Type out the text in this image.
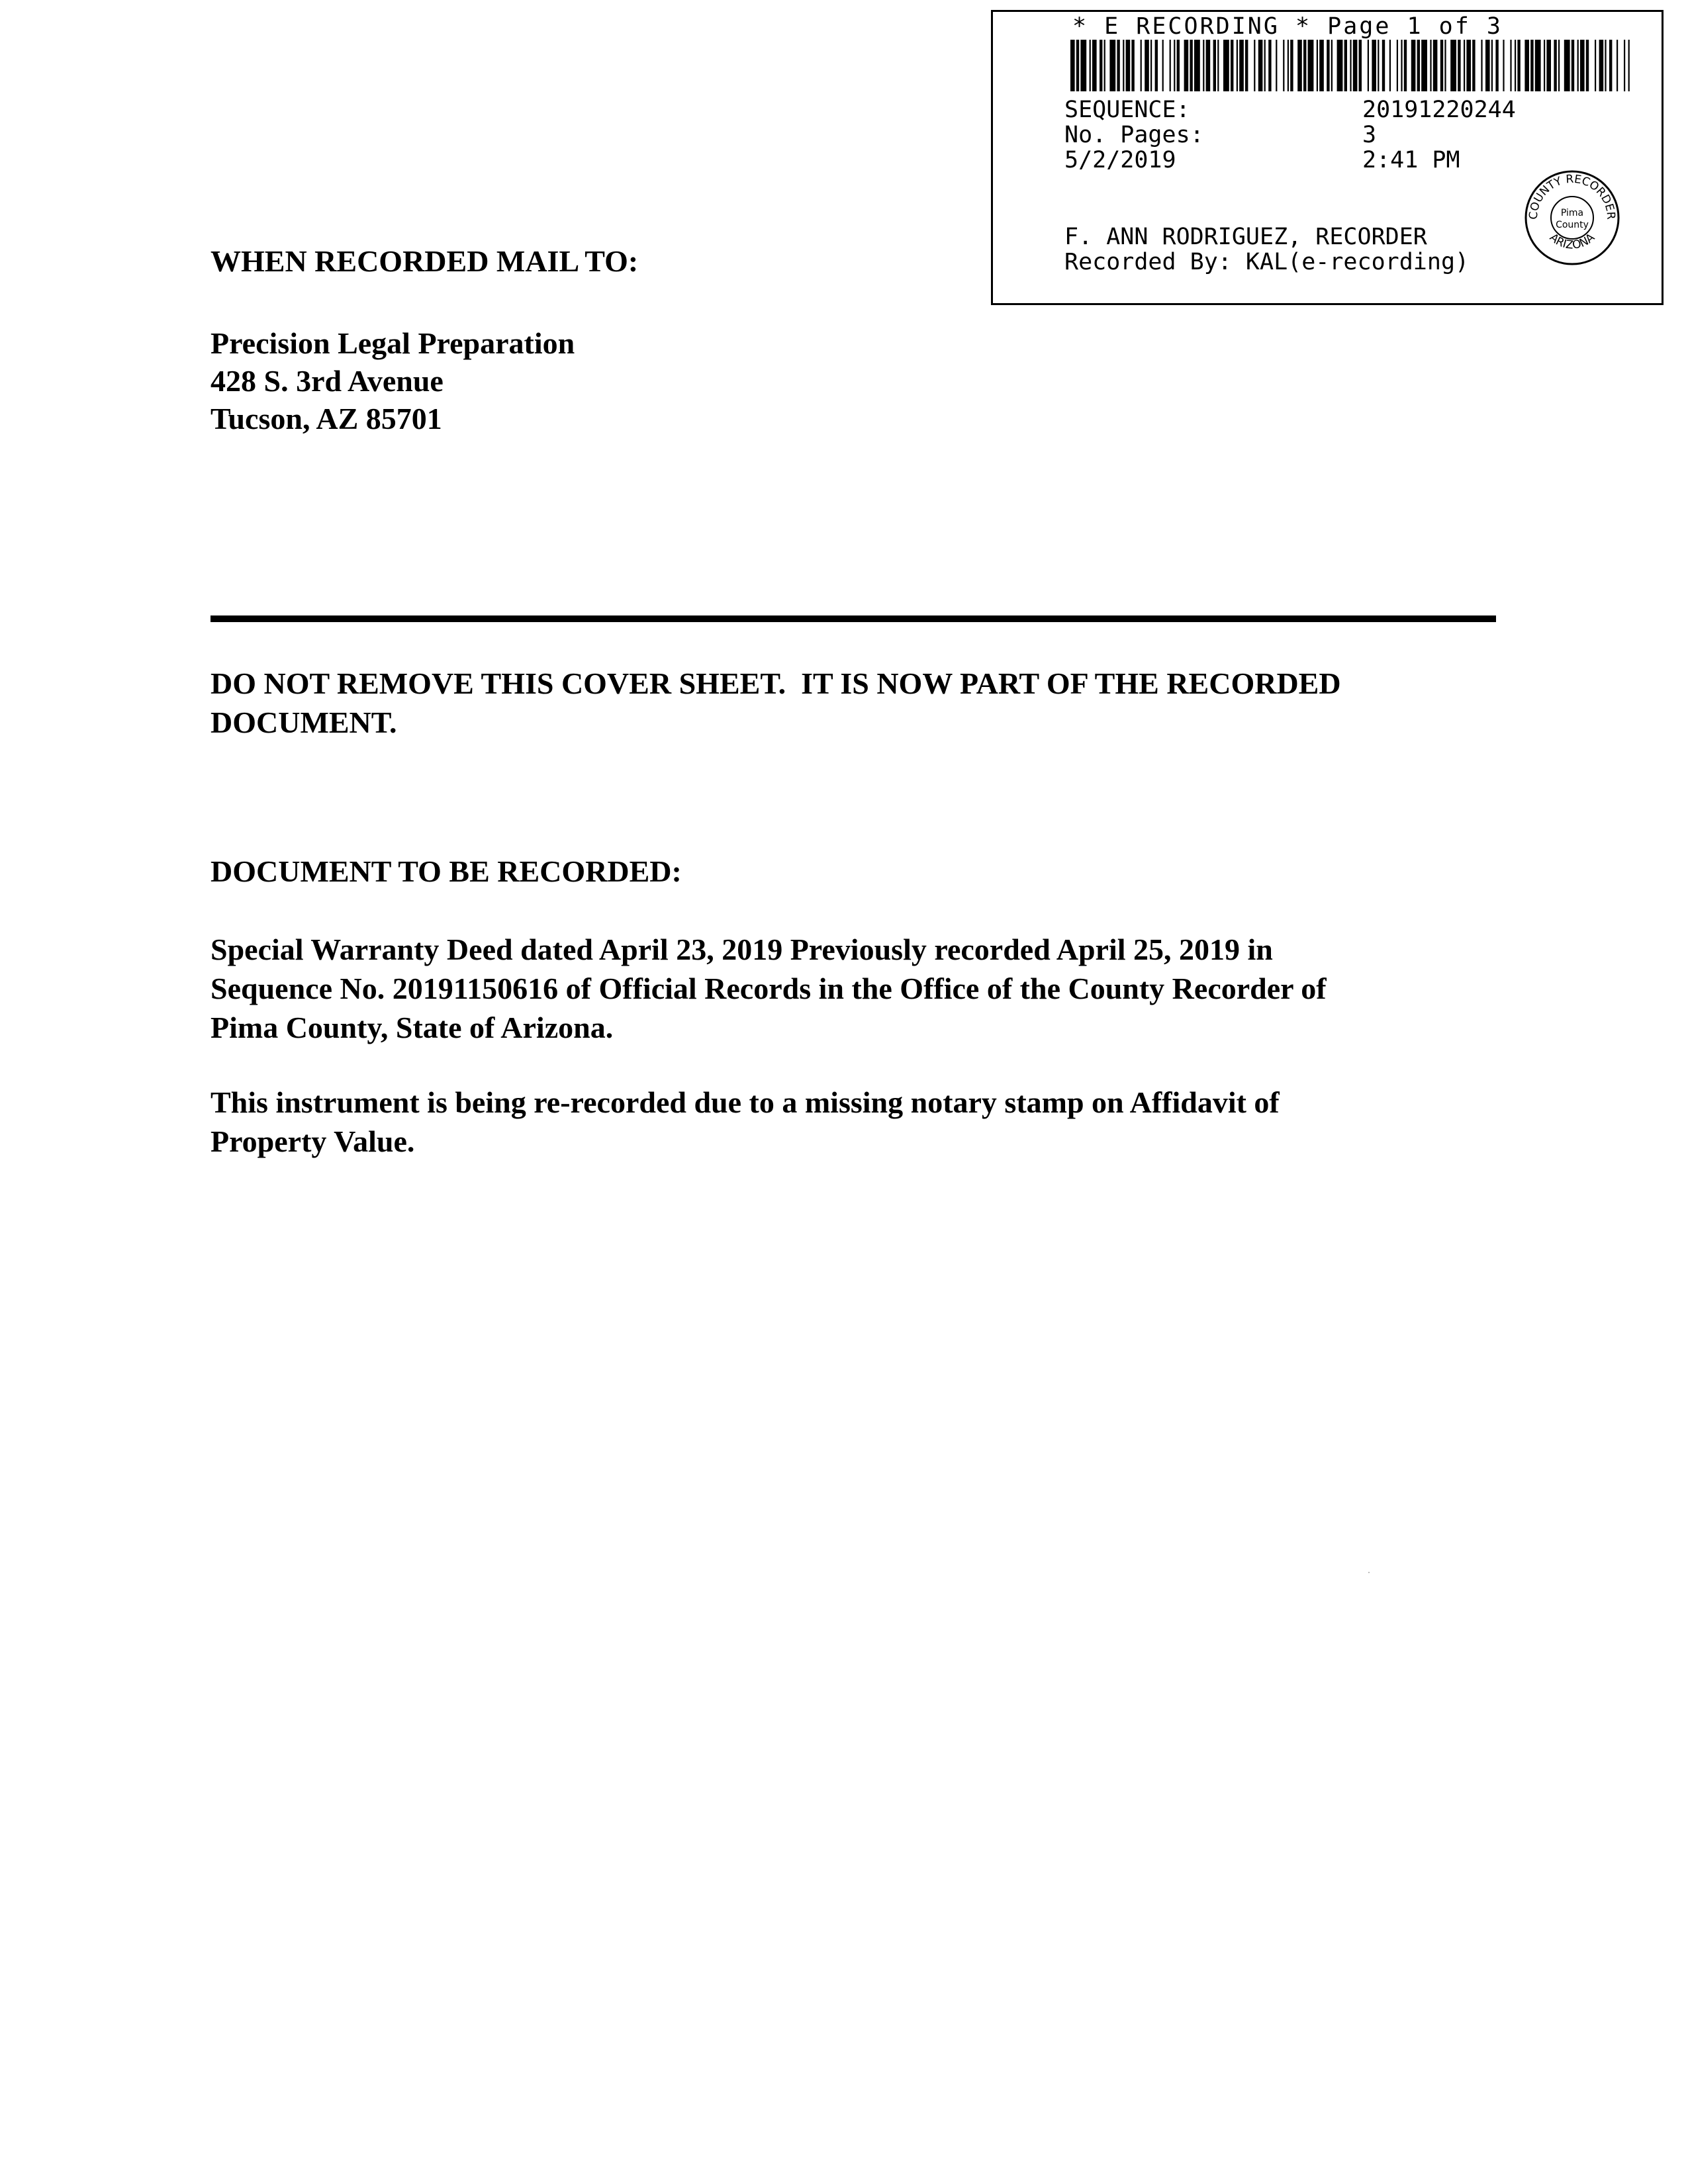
* E RECORDING * Page 1 of 3
SEQUENCE:	20191220244
No. Pages:	3
5/2/2019	2:41 PM
F. ANN RODRIGUEZ, RECORDER
Recorded By: KAL(e-recording)
COUNTY RECORDER
ARIZONA
Pima
County
WHEN RECORDED MAIL TO:
Precision Legal Preparation
428 S. 3rd Avenue
Tucson, AZ 85701
DO NOT REMOVE THIS COVER SHEET.  IT IS NOW PART OF THE RECORDED
DOCUMENT.
DOCUMENT TO BE RECORDED:
Special Warranty Deed dated April 23, 2019 Previously recorded April 25, 2019 in
Sequence No. 20191150616 of Official Records in the Office of the County Recorder of
Pima County, State of Arizona.
This instrument is being re-recorded due to a missing notary stamp on Affidavit of
Property Value.
